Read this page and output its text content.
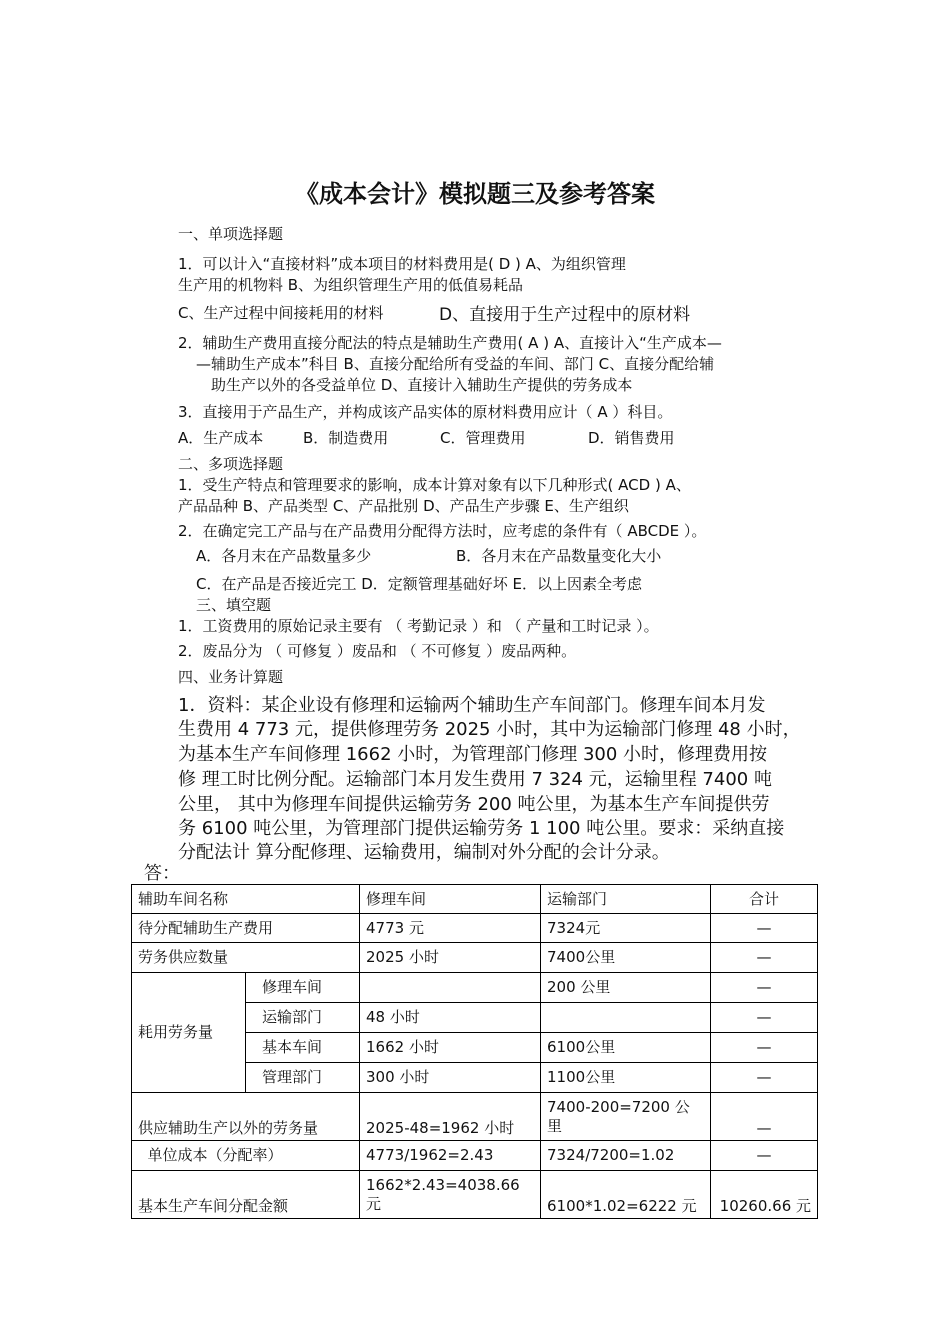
《成本会计》模拟题三及参考答案
一、单项选择题
1．可以计入“直接材料”成本项目的材料费用是( D ) A、为组织管理
生产用的机物料 B、为组织管理生产用的低值易耗品
C、生产过程中间接耗用的材料	D、直接用于生产过程中的原材料
2．辅助生产费用直接分配法的特点是辅助生产费用( A ) A、直接计入“生产成本—
—辅助生产成本”科目 B、直接分配给所有受益的车间、部门 C、直接分配给辅
助生产以外的各受益单位 D、直接计入辅助生产提供的劳务成本
3．直接用于产品生产，并构成该产品实体的原材料费用应计（ A ）科目。
A．生产成本	B．制造费用	C．管理费用	D．销售费用
二、多项选择题
1．受生产特点和管理要求的影响，成本计算对象有以下几种形式( ACD ) A、
产品品种 B、产品类型 C、产品批别 D、产品生产步骤 E、生产组织
2．在确定完工产品与在产品费用分配得方法时，应考虑的条件有（ ABCDE ）。
A．各月末在产品数量多少	B．各月末在产品数量变化大小
C．在产品是否接近完工 D．定额管理基础好坏 E．以上因素全考虑
三、填空题
1．工资费用的原始记录主要有 （ 考勤记录 ）和 （ 产量和工时记录 ）。
2．废品分为 （ 可修复 ）废品和 （ 不可修复 ）废品两种。
四、业务计算题
1．资料：某企业设有修理和运输两个辅助生产车间部门。修理车间本月发
生费用 4 773 元，提供修理劳务 2025 小时，其中为运输部门修理 48 小时，
为基本生产车间修理 1662 小时，为管理部门修理 300 小时，修理费用按
修 理工时比例分配。运输部门本月发生费用 7 324 元，运输里程 7400 吨
公里， 其中为修理车间提供运输劳务 200 吨公里，为基本生产车间提供劳
务 6100 吨公里，为管理部门提供运输劳务 1 100 吨公里。要求：采纳直接
分配法计 算分配修理、运输费用，编制对外分配的会计分录。
答：
辅助车间名称		修理车间	运输部门	合计
待分配辅助生产费用		4773 元	7324元	—
劳务供应数量		2025 小时	7400公里	—
耗用劳务量	修理车间		200 公里	—
	运输部门	48 小时		—
	基本车间	1662 小时	6100公里	—
	管理部门	300 小时	1100公里	—
供应辅助生产以外的劳务量		2025-48=1962 小时	7400-200=7200 公里	—
单位成本（分配率）		4773/1962=2.43	7324/7200=1.02	—
基本生产车间分配金额		1662*2.43=4038.66 元	6100*1.02=6222 元	10260.66 元
